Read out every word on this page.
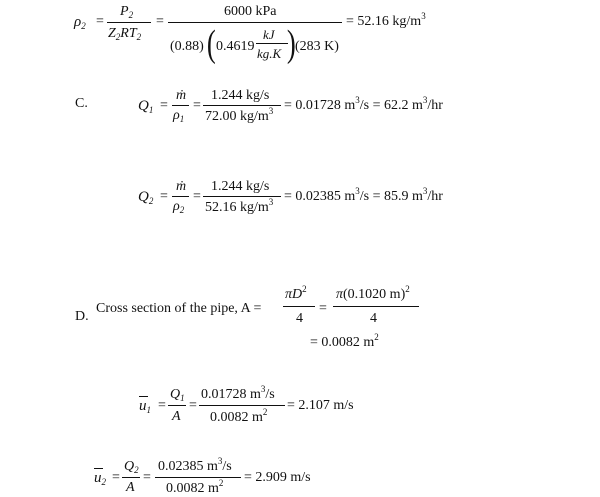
$\rho_2$ =
$P_2$
$Z_2RT_2$
=
6000 kPa
(0.88) ( 0.4619
kJ
kg.K ) (283 K)
= 52.16 $kg/m^3$
C.	$Q_1$ =
ṁ
$\rho_1$
=
1.244 kg/s
72.00 $kg/m^3 = 0.01728$ $m^3/s = 62.2$ $m^3/hr$
$Q_2$ =
ṁ
$\rho_2$
=
1.244 kg/s
52.16 $kg/m^3 = 0.02385$ $m^3/s = 85.9$ $m^3/hr$
D.
Cross section of the pipe, A =
$\pi D^2$
4
=
π(0.1020 m)$^2$
4
= 0.0082 $m^2$
$u_1$ =
$Q_1$
A
=
0.01728 $m^3/s$
0.0082 $m^2 = 2.107$ m/s
$u_2$ =
$Q_2$
A
=
0.02385 $m^3/s$
0.0082 $m^2 = 2.909$ m/s
